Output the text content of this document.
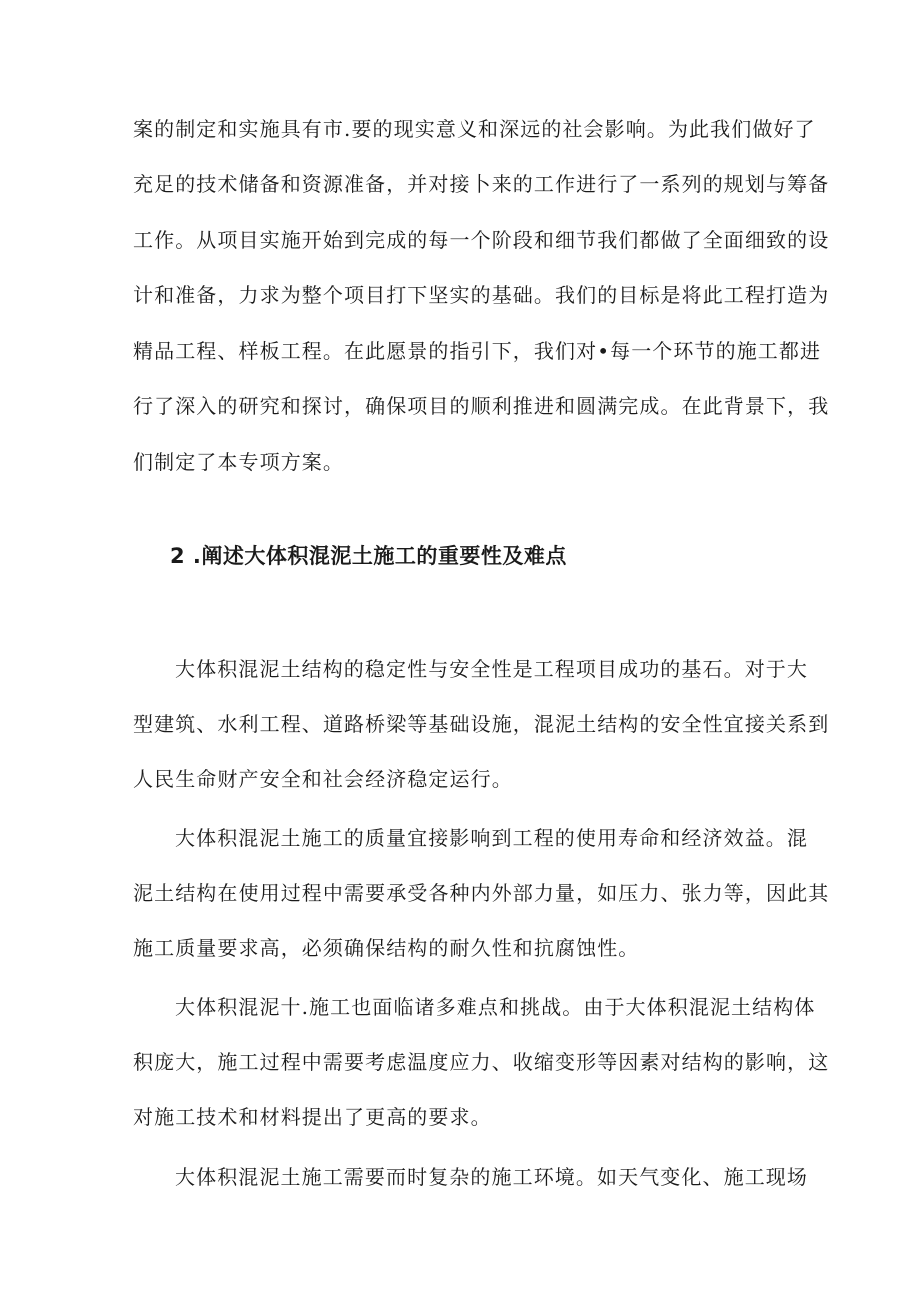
案的制定和实施具有市.要的现实意义和深远的社会影响。为此我们做好了
充足的技术储备和资源准备，并对接卜来的工作进行了一系列的规划与筹备
工作。从项目实施开始到完成的每一个阶段和细节我们都做了全面细致的设
计和准备，力求为整个项目打下坚实的基础。我们的目标是将此工程打造为
精品工程、样板工程。在此愿景的指引下，我们对•每一个环节的施工都进
行了深入的研究和探讨，确保项目的顺利推进和圆满完成。在此背景下，我
们制定了本专项方案。
2 .阐述大体积混泥土施工的重要性及难点
大体积混泥土结构的稳定性与安全性是工程项目成功的基石。对于大
型建筑、水利工程、道路桥梁等基础设施，混泥土结构的安全性宜接关系到
人民生命财产安全和社会经济稳定运行。
大体积混泥土施工的质量宜接影响到工程的使用寿命和经济效益。混
泥土结构在使用过程中需要承受各种内外部力量，如压力、张力等，因此其
施工质量要求高，必须确保结构的耐久性和抗腐蚀性。
大体积混泥十.施工也面临诸多难点和挑战。由于大体积混泥土结构体
积庞大，施工过程中需要考虑温度应力、收缩变形等因素对结构的影响，这
对施工技术和材料提出了更高的要求。
大体积混泥土施工需要而时复杂的施工环境。如天气变化、施工现场
